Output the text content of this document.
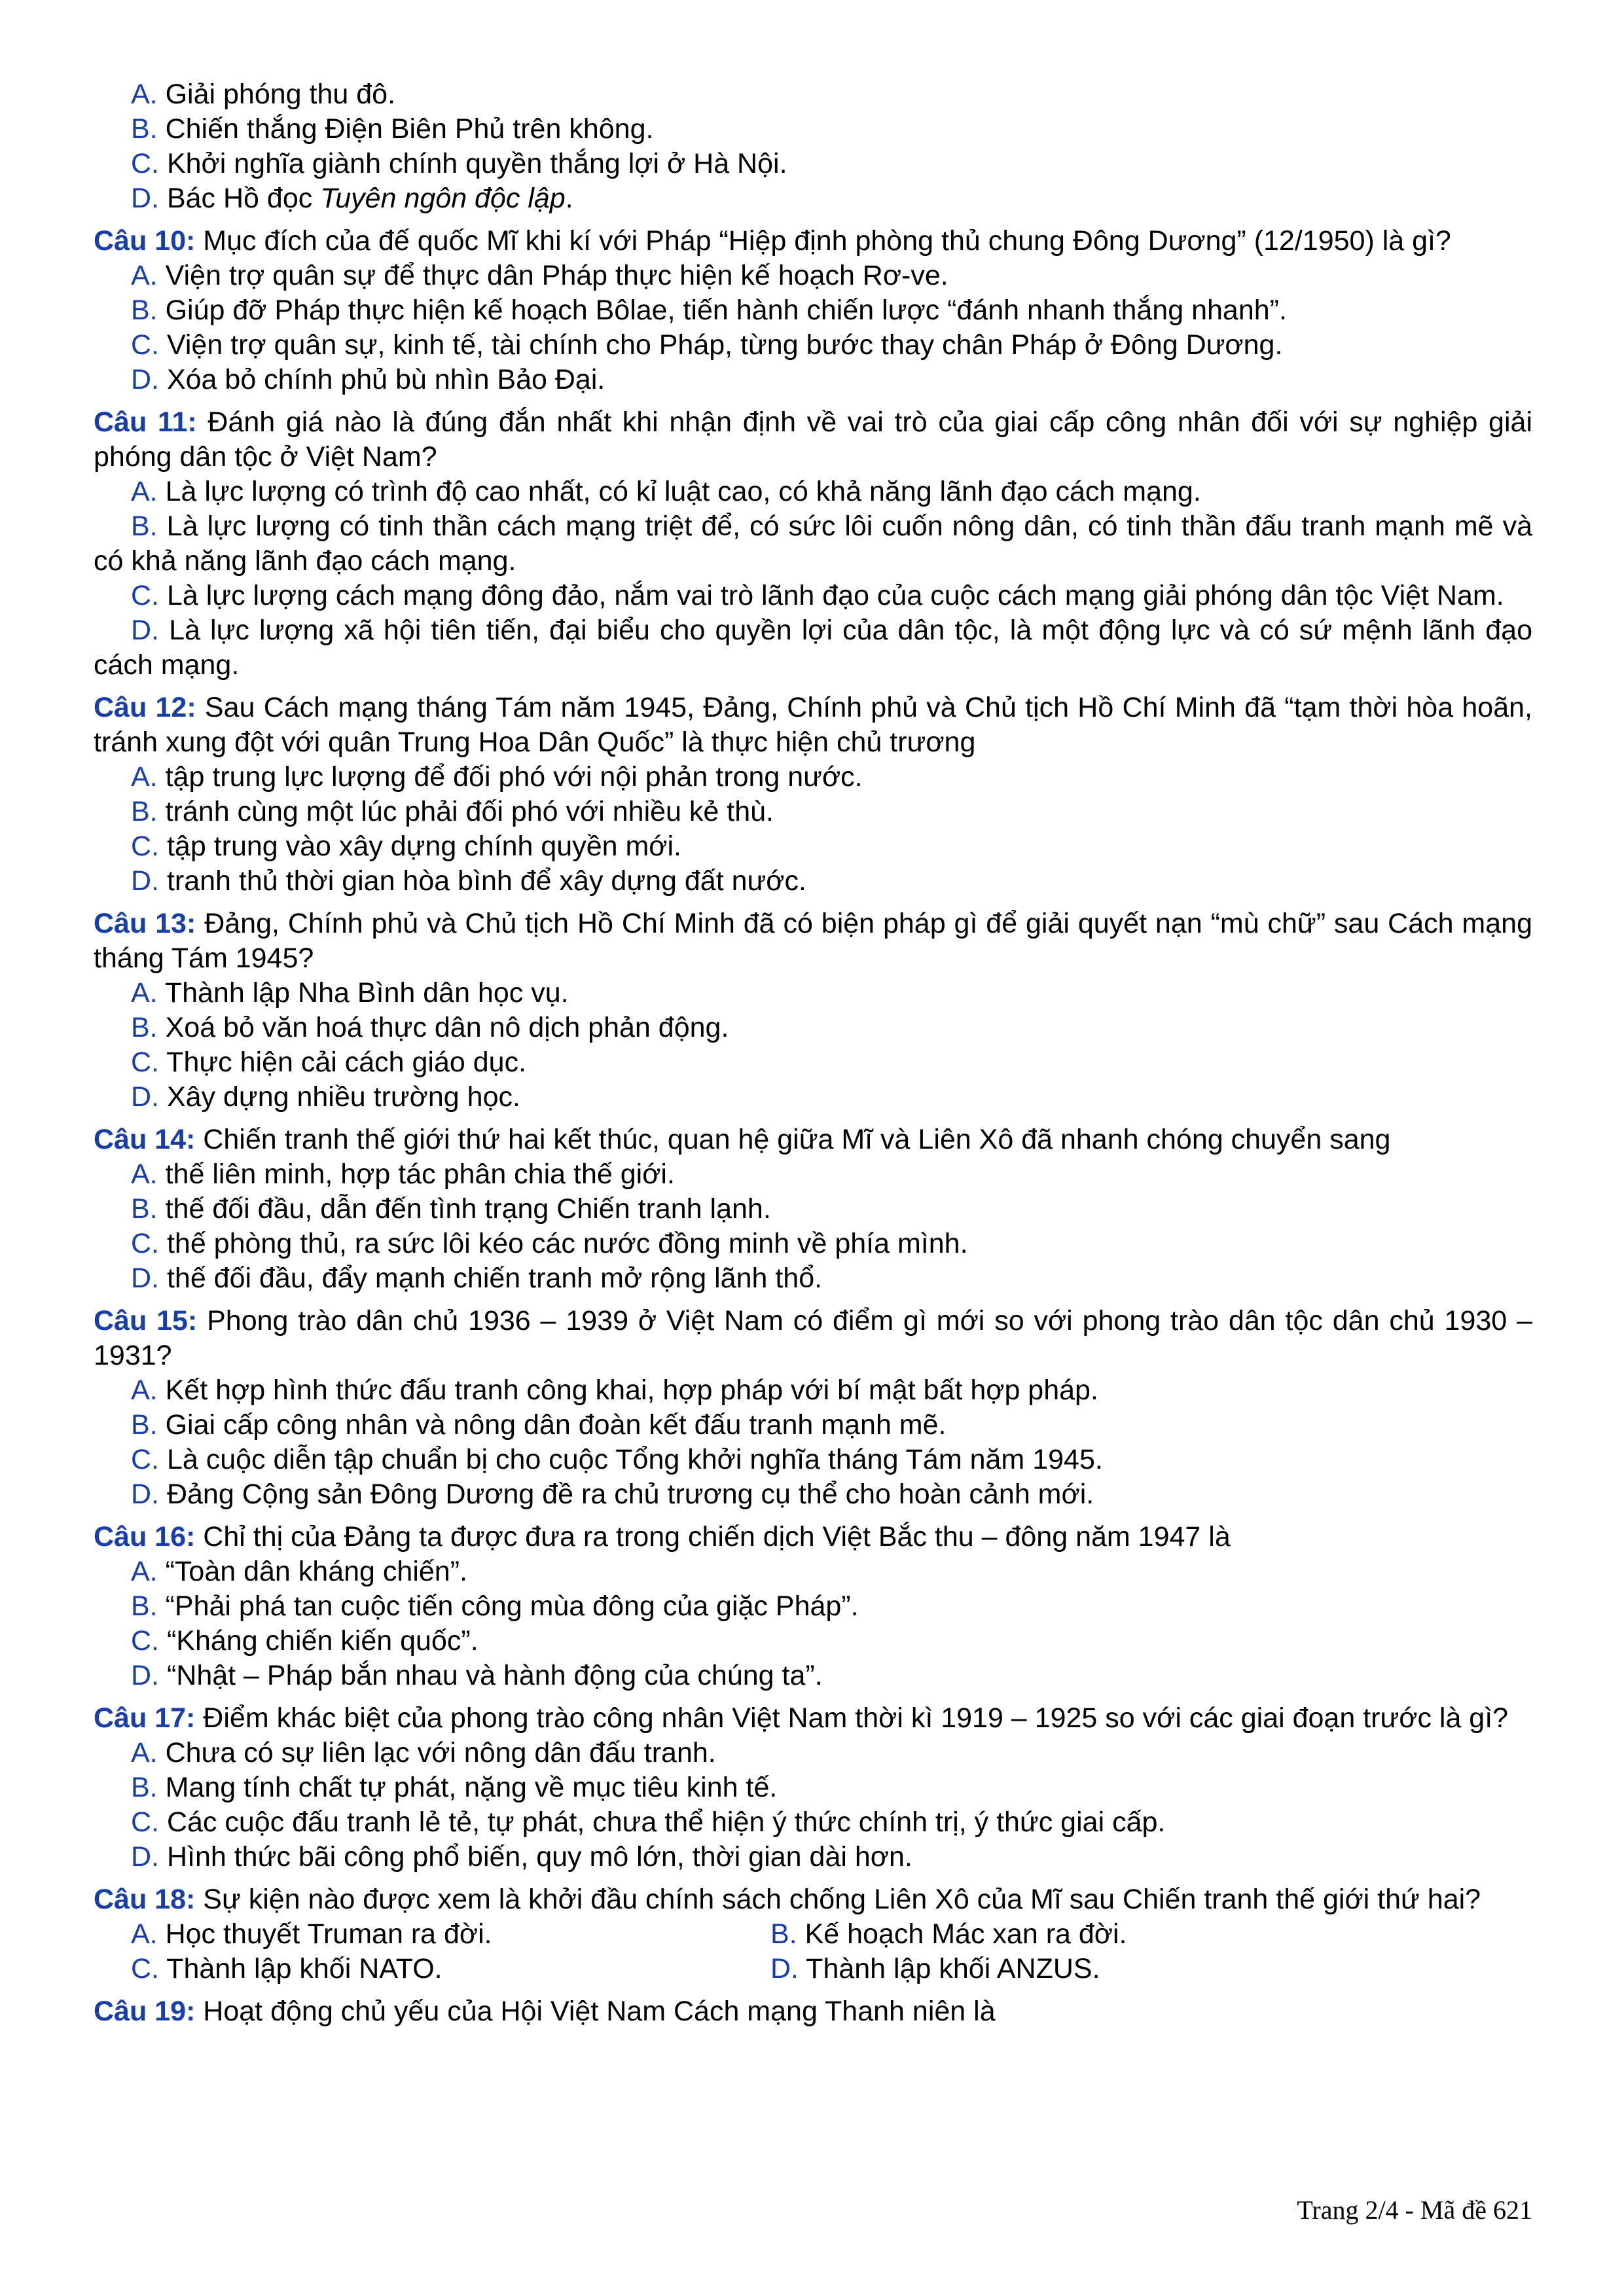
A. Giải phóng thu đô.
B. Chiến thắng Điện Biên Phủ trên không.
C. Khởi nghĩa giành chính quyền thắng lợi ở Hà Nội.
D. Bác Hồ đọc Tuyên ngôn độc lập.
Câu 10: Mục đích của đế quốc Mĩ khi kí với Pháp “Hiệp định phòng thủ chung Đông Dương” (12/1950) là gì?
A. Viện trợ quân sự để thực dân Pháp thực hiện kế hoạch Rơ-ve.
B. Giúp đỡ Pháp thực hiện kế hoạch Bôlae, tiến hành chiến lược “đánh nhanh thắng nhanh”.
C. Viện trợ quân sự, kinh tế, tài chính cho Pháp, từng bước thay chân Pháp ở Đông Dương.
D. Xóa bỏ chính phủ bù nhìn Bảo Đại.
Câu 11: Đánh giá nào là đúng đắn nhất khi nhận định về vai trò của giai cấp công nhân đối với sự nghiệp giải phóng dân tộc ở Việt Nam?
A. Là lực lượng có trình độ cao nhất, có kỉ luật cao, có khả năng lãnh đạo cách mạng.
B. Là lực lượng có tinh thần cách mạng triệt để, có sức lôi cuốn nông dân, có tinh thần đấu tranh mạnh mẽ và có khả năng lãnh đạo cách mạng.
C. Là lực lượng cách mạng đông đảo, nắm vai trò lãnh đạo của cuộc cách mạng giải phóng dân tộc Việt Nam.
D. Là lực lượng xã hội tiên tiến, đại biểu cho quyền lợi của dân tộc, là một động lực và có sứ mệnh lãnh đạo cách mạng.
Câu 12: Sau Cách mạng tháng Tám năm 1945, Đảng, Chính phủ và Chủ tịch Hồ Chí Minh đã “tạm thời hòa hoãn, tránh xung đột với quân Trung Hoa Dân Quốc” là thực hiện chủ trương
A. tập trung lực lượng để đối phó với nội phản trong nước.
B. tránh cùng một lúc phải đối phó với nhiều kẻ thù.
C. tập trung vào xây dựng chính quyền mới.
D. tranh thủ thời gian hòa bình để xây dựng đất nước.
Câu 13: Đảng, Chính phủ và Chủ tịch Hồ Chí Minh đã có biện pháp gì để giải quyết nạn “mù chữ” sau Cách mạng tháng Tám 1945?
A. Thành lập Nha Bình dân học vụ.
B. Xoá bỏ văn hoá thực dân nô dịch phản động.
C. Thực hiện cải cách giáo dục.
D. Xây dựng nhiều trường học.
Câu 14: Chiến tranh thế giới thứ hai kết thúc, quan hệ giữa Mĩ và Liên Xô đã nhanh chóng chuyển sang
A. thế liên minh, hợp tác phân chia thế giới.
B. thế đối đầu, dẫn đến tình trạng Chiến tranh lạnh.
C. thế phòng thủ, ra sức lôi kéo các nước đồng minh về phía mình.
D. thế đối đầu, đẩy mạnh chiến tranh mở rộng lãnh thổ.
Câu 15: Phong trào dân chủ 1936 – 1939 ở Việt Nam có điểm gì mới so với phong trào dân tộc dân chủ 1930 – 1931?
A. Kết hợp hình thức đấu tranh công khai, hợp pháp với bí mật bất hợp pháp.
B. Giai cấp công nhân và nông dân đoàn kết đấu tranh mạnh mẽ.
C. Là cuộc diễn tập chuẩn bị cho cuộc Tổng khởi nghĩa tháng Tám năm 1945.
D. Đảng Cộng sản Đông Dương đề ra chủ trương cụ thể cho hoàn cảnh mới.
Câu 16: Chỉ thị của Đảng ta được đưa ra trong chiến dịch Việt Bắc thu – đông năm 1947 là
A. “Toàn dân kháng chiến”.
B. “Phải phá tan cuộc tiến công mùa đông của giặc Pháp”.
C. “Kháng chiến kiến quốc”.
D. “Nhật – Pháp bắn nhau và hành động của chúng ta”.
Câu 17: Điểm khác biệt của phong trào công nhân Việt Nam thời kì 1919 – 1925 so với các giai đoạn trước là gì?
A. Chưa có sự liên lạc với nông dân đấu tranh.
B. Mang tính chất tự phát, nặng về mục tiêu kinh tế.
C. Các cuộc đấu tranh lẻ tẻ, tự phát, chưa thể hiện ý thức chính trị, ý thức giai cấp.
D. Hình thức bãi công phổ biến, quy mô lớn, thời gian dài hơn.
Câu 18: Sự kiện nào được xem là khởi đầu chính sách chống Liên Xô của Mĩ sau Chiến tranh thế giới thứ hai?
A. Học thuyết Truman ra đời.	B. Kế hoạch Mác xan ra đời.
C. Thành lập khối NATO.	D. Thành lập khối ANZUS.
Câu 19: Hoạt động chủ yếu của Hội Việt Nam Cách mạng Thanh niên là
Trang 2/4 - Mã đề 621
